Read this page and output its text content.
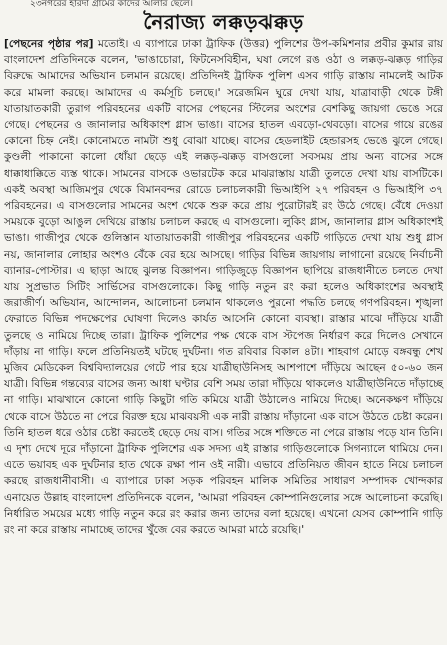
২৩নগরের হারদা গ্রামের কাদের আলার ছেলে।
নৈরাজ্য লক্কড়ঝক্কড়

[পেছনের পৃষ্ঠার পর] মতোই। এ ব্যাপারে ঢাকা ট্রাফিক (উত্তর) পুলিশের উপ-কমিশনার প্রবীর কুমার রায় বাংলাদেশ প্রতিদিনকে বলেন, 'ভাঙাচোরা, ফিটনেসবিহীন, ঘষা লেগে রঙ ওঠা ও লক্কড়-ঝক্কড় গাড়ির বিরুদ্ধে আমাদের অভিযান চলমান রয়েছে। প্রতিদিনই ট্রাফিক পুলিশ এসব গাড়ি রাস্তায় নামলেই আটক করে মামলা করছে। আমাদের এ কর্মসূচি চলছে।' সরেজমিন ঘুরে দেখা যায়, যাত্রাবাড়ী থেকে টঙ্গী যাতায়াতকারী তুরাগ পরিবহনের একটি বাসের পেছনের স্টিলের অংশের বেশকিছু জায়গা ভেঙে সরে গেছে। পেছনের ও জানালার অধিকাংশ গ্লাস ভাঙা। বাসের হাতল এবড়ো-থেবড়ো। বাসের গায়ে রঙের কোনো চিহ্ন নেই। কোনোমতে নামটা শুধু বোঝা যাচ্ছে। বাসের হেডলাইট হেন্ডারসহ ভেঙে ঝুলে গেছে। কুণ্ডলী পাকানো কালো ধোঁয়া ছেড়ে এই লক্কড়-ঝক্কড় বাসগুলো সবসময় প্রায় অন্য বাসের সঙ্গে ধাক্কাধাক্কিতে ব্যস্ত থাকে। সামনের বাসকে ওভারটেক করে মাঝরাস্তায় যাত্রী তুলতে দেখা যায় বাসটিকে। একই অবস্থা আজিমপুর থেকে বিমানবন্দর রোডে চলাচলকারী ভিআইপি ২৭ পরিবহন ও ভিআইপি ৩৭ পরিবহনের। এ বাসগুলোর সামনের অংশ থেকে শুরু করে প্রায় পুরোটারই রং উঠে গেছে। বেঁধে দেওয়া সময়কে বুড়ো আঙুল দেখিয়ে রাস্তায় চলাচল করছে এ বাসগুলো। লুকিং গ্লাস, জানালার গ্লাস অধিকাংশই ভাঙা। গাজীপুর থেকে গুলিস্তান যাতায়াতকারী গাজীপুর পরিবহনের একটি গাড়িতে দেখা যায় শুধু গ্লাস নয়, জানালার লোহার অংশও বেঁকে বের হয়ে আসছে। গাড়ির বিভিন্ন জায়গায় লাগানো রয়েছে নির্বাচনী ব্যানার-পোস্টার। এ ছাড়া আছে ঝুলন্ত বিজ্ঞাপন। গাড়িজুড়ে বিজ্ঞাপন ছাপিয়ে রাজধানীতে চলতে দেখা যায় সুপ্রভাত সিটিং সার্ভিসের বাসগুলোকে। কিছু গাড়ি নতুন রং করা হলেও অধিকাংশের অবস্থাই জরাজীর্ণ। অভিযান, আন্দোলন, আলোচনা চলমান থাকলেও পুরনো পদ্ধতি চলছে গণপরিবহন। শৃঙ্খলা ফেরাতে বিভিন্ন পদক্ষেপের ঘোষণা দিলেও কার্যত আসেনি কোনো ব্যবস্থা। রাস্তার মাঝে দাঁড়িয়ে যাত্রী তুলছে ও নামিয়ে দিচ্ছে তারা। ট্রাফিক পুলিশের পক্ষ থেকে বাস স্টপেজ নির্ধারণ করে দিলেও সেখানে দাঁড়ায় না গাড়ি। ফলে প্রতিনিয়তই ঘটছে দুর্ঘটনা। গত রবিবার বিকাল ৪টা। শাহবাগ মোড়ে বঙ্গবন্ধু শেখ মুজিব মেডিকেল বিশ্ববিদ্যালয়ের গেটে পার হয়ে যাত্রীছাউনিসহ আশপাশে দাঁড়িয়ে আছেন ৫০-৬০ জন যাত্রী। বিভিন্ন গন্তব্যের বাসের জন্য আধা ঘণ্টার বেশি সময় তারা দাঁড়িয়ে থাকলেও যাত্রীছাউনিতে দাঁড়াচ্ছে না গাড়ি। মাঝখানে কোনো গাড়ি কিছুটা গতি কমিয়ে যাত্রী উঠালেও নামিয়ে দিচ্ছে। অনেকক্ষণ দাঁড়িয়ে থেকে বাসে উঠতে না পেরে বিরক্ত হয়ে মাঝবয়সী এক নারী রাস্তায় দাঁড়ানো এক বাসে উঠতে চেষ্টা করেন। তিনি হাতল ধরে ওঠার চেষ্টা করতেই ছেড়ে দেয় বাস। গতির সঙ্গে শক্তিতে না পেরে রাস্তায় পড়ে যান তিনি। এ দৃশ্য দেখে দূরে দাঁড়ানো ট্রাফিক পুলিশের এক সদস্য এই রাস্তার গাড়িগুলোকে সিগন্যালে থামিয়ে দেন। এতে ভয়াবহ এক দুর্ঘটনার হাত থেকে রক্ষা পান ওই নারী। এভাবে প্রতিনিয়ত জীবন হাতে নিয়ে চলাচল করছে রাজধানীবাসী। এ ব্যাপারে ঢাকা সড়ক পরিবহন মালিক সমিতির সাধারণ সম্পাদক খোন্দকার এনায়েত উল্লাহ বাংলাদেশ প্রতিদিনকে বলেন, 'আমরা পরিবহন কোম্পানিগুলোর সঙ্গে আলোচনা করেছি। নির্ধারিত সময়ের মধ্যে গাড়ি নতুন করে রং করার জন্য তাদের বলা হয়েছে। এখনো যেসব কোম্পানি গাড়ি রং না করে রাস্তায় নামাচ্ছে তাদের খুঁজে বের করতে আমরা মাঠে রয়েছি।'
